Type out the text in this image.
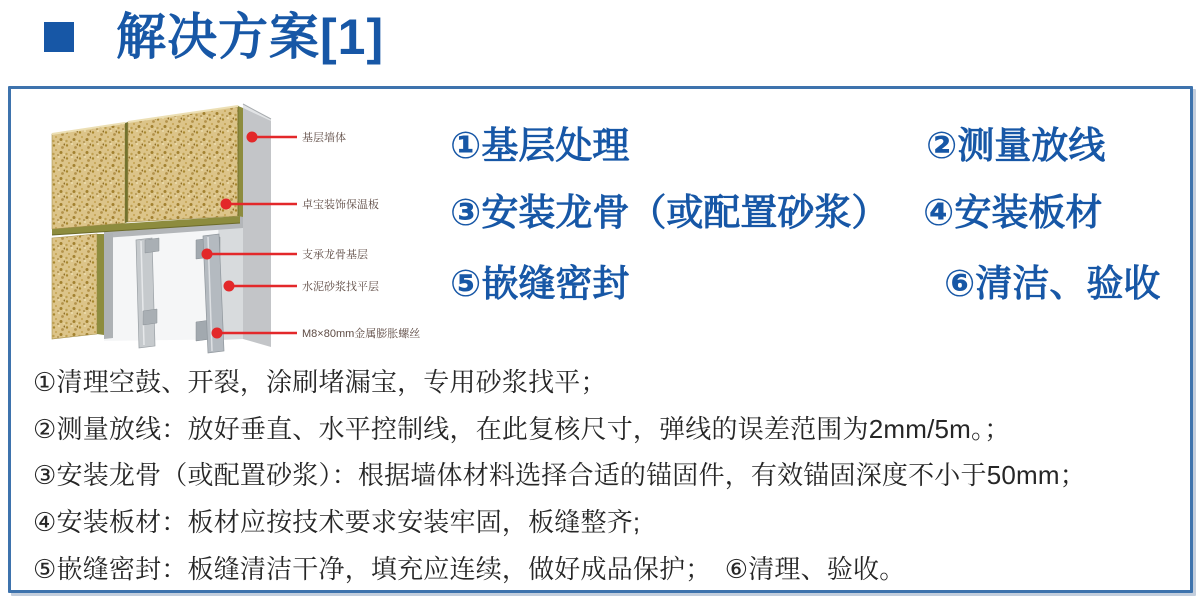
解决方案[1]
基层墙体
卓宝装饰保温板
支承龙骨基层
水泥砂浆找平层
M8×80mm金属膨胀螺丝
①基层处理	②测量放线
③安装龙骨（或配置砂浆） ④安装板材
⑤嵌缝密封	⑥清洁、验收
①清理空鼓、开裂，涂刷堵漏宝，专用砂浆找平；
②测量放线：放好垂直、水平控制线，在此复核尺寸，弹线的误差范围为2mm/5m。；
③安装龙骨（或配置砂浆）：根据墙体材料选择合适的锚固件，有效锚固深度不小于50mm；
④安装板材：板材应按技术要求安装牢固，板缝整齐;
⑤嵌缝密封：板缝清洁干净，填充应连续，做好成品保护；　⑥清理、验收。
